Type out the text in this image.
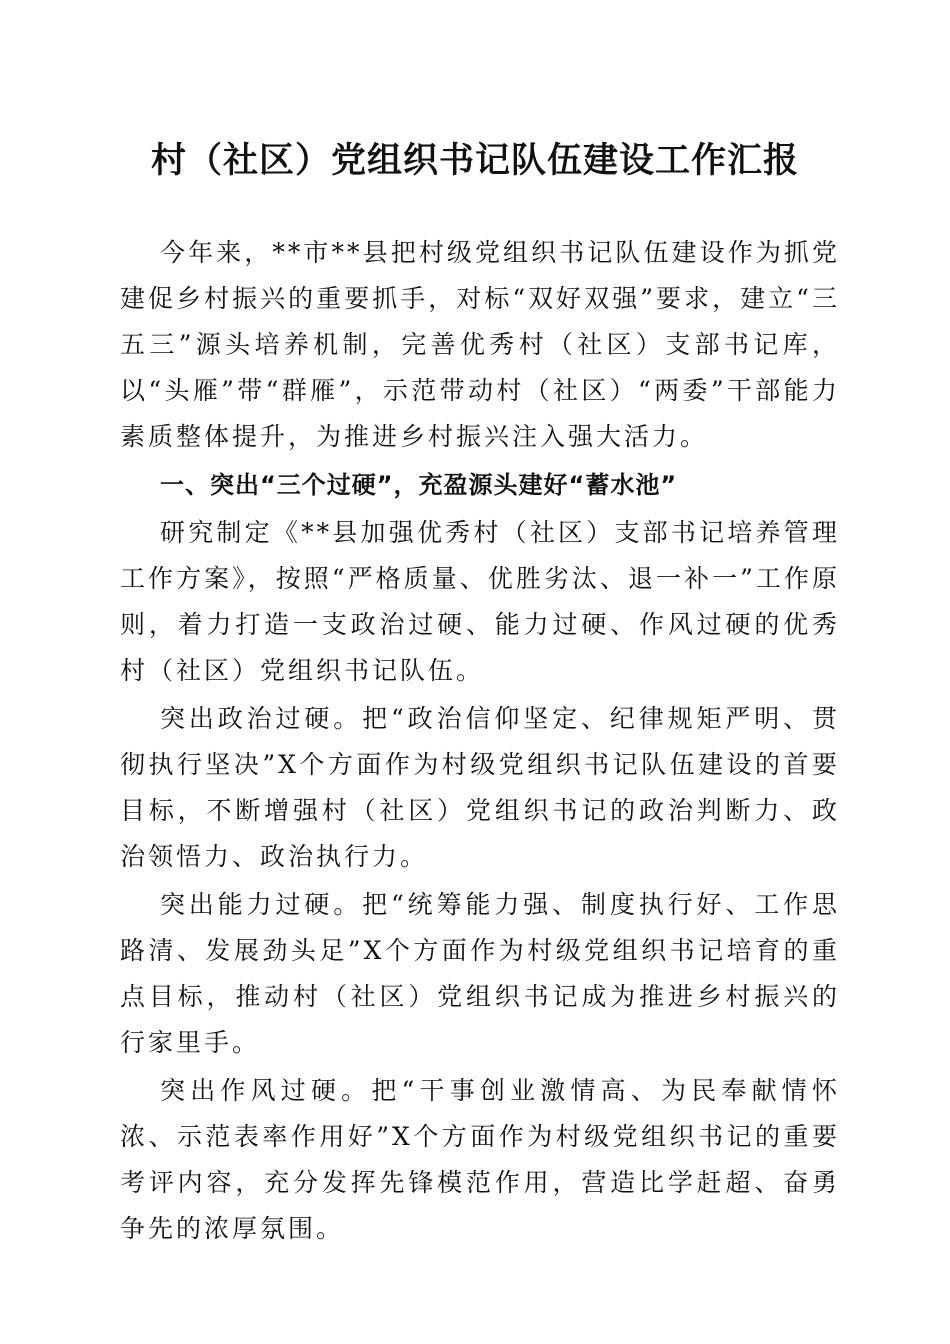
村（社区）党组织书记队伍建设工作汇报

今年来，**市**县把村级党组织书记队伍建设作为抓党建促乡村振兴的重要抓手，对标“双好双强”要求，建立“三五三”源头培养机制，完善优秀村（社区）支部书记库，以“头雁”带“群雁”，示范带动村（社区）“两委”干部能力素质整体提升，为推进乡村振兴注入强大活力。

一、突出“三个过硬”，充盈源头建好“蓄水池”

研究制定《**县加强优秀村（社区）支部书记培养管理工作方案》，按照“严格质量、优胜劣汰、退一补一”工作原则，着力打造一支政治过硬、能力过硬、作风过硬的优秀村（社区）党组织书记队伍。

突出政治过硬。把“政治信仰坚定、纪律规矩严明、贯彻执行坚决”X个方面作为村级党组织书记队伍建设的首要目标，不断增强村（社区）党组织书记的政治判断力、政治领悟力、政治执行力。

突出能力过硬。把“统筹能力强、制度执行好、工作思路清、发展劲头足”X个方面作为村级党组织书记培育的重点目标，推动村（社区）党组织书记成为推进乡村振兴的行家里手。

突出作风过硬。把“干事创业激情高、为民奉献情怀浓、示范表率作用好”X个方面作为村级党组织书记的重要考评内容，充分发挥先锋模范作用，营造比学赶超、奋勇争先的浓厚氛围。
